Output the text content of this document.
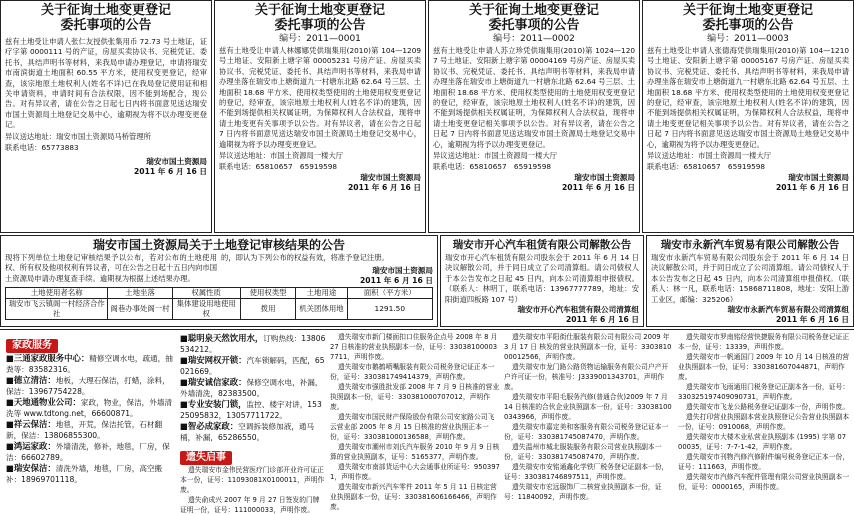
关于征询土地变更登记
委托事项的公告
兹有土地受让申请人张仁友授供张集用币 72.73 号土地证，证疗字第 0000111 号的产证，房屋买卖协议书、完税凭证、委托书，具结声明书等材料，来我局申请办理登记，申请将瑞安市南滨街道土地面积 60.55 平方米，使用权变更登记，经审查，该宗地原土地权利人(姓名不详)已在我局登记使用证和相关申请资料，申请时间有合法权限，因不能到场配合，现公告。对有异议者，请在公告之日起七日内将书面意见送达瑞安市国土资源局土地登记交易中心，逾期视为将不以办理变更登记。
异议送达地址：瑞安市国土资源局马桥管理所
联系电话：65773883
瑞安市国土资源局
2011 年 6 月 16 日
关于征询土地变更登记
委托事项的公告
编号：2011—0001
兹有土地受让申请人林娜娜凭供瑞集用(2010)第 104—1209 号土地证、安阳新上塘字第 00005231 号房产证、房屋买卖协议书、完税凭证、委托书、具结声明书等材料，来我局申请办理坐落在瑞安市上塘街道九一村塘东北路 62.64 号三层、土地面积 18.68 平方米、使用权类型使用的土地使用权变更登记的登记，经审查，该宗地原土地权利人(姓名不详)的建筑，因不能到场提供相关权属证明，为保障权利人合法权益，现将申请土地变更有关事项予以公告。对有异议者，请在公告之日起 7 日内将书面意见送达瑞安市国土资源局土地登记交易中心，逾期视为将予以办理变更登记。
异议送达地址：市国土资源局一楼大厅
联系电话：65810657　65919598
瑞安市国土资源局
2011 年 6 月 16 日
关于征询土地变更登记
委托事项的公告
编号：2011—0002
兹有土地受让申请人苏立珍凭供瑞集用(2010)第 1024—1207 号土地证、安阳新上塘字第 00004169 号房产证、房屋买卖协议书、完税凭证、委托书、具结声明书等材料，来我局申请办理坐落在瑞安市上塘街道九一村塘东北路 62.64 号三层、土地面积 18.68 平方米、使用权类型使用的土地使用权变更登记的登记，经审查，该宗地原土地权利人(姓名不详)的建筑，因不能到场提供相关权属证明，为保障权利人合法权益，现将申请土地变更登记相关事项予以公告。对有异议者，请在公告之日起 7 日内将书面意见送达瑞安市国土资源局土地登记交易中心，逾期视为将予以办理变更登记。
异议送达地址：市国土资源局一楼大厅
联系电话：65810657　65919598
瑞安市国土资源局
2011 年 6 月 16 日
关于征询土地变更登记
委托事项的公告
编号：2011—0003
兹有土地受让申请人张德海凭供瑞集用(2010)第 104—1210 号土地证、安阳新上塘字第 00005167 号房产证、房屋买卖协议书、完税凭证、委托书、具结声明书等材料，来我局申请办理坐落在瑞安市上塘街道九一村塘东北路 62.64 号五层、土地面积 18.68 平方米、使用权类型使用的土地使用权变更登记的登记，经审查，该宗地原土地权利人(姓名不详)的建筑，因不能到场提供相关权属证明，为保障权利人合法权益，现将申请土地变更登记相关事项予以公告。对有异议者，请在公告之日起 7 日内将书面意见送达瑞安市国土资源局土地登记交易中心，逾期视为将予以办理变更登记。
异议送达地址：市国土资源局一楼大厅
联系电话：65810657　65919598
瑞安市国土资源局
2011 年 6 月 16 日
瑞安市国土资源局关于土地登记审核结果的公告
现将下列单位土地登记审核结果予以公布，若对公布的土地使用权、所有权及他项权利有异议者，可在公告之日起十五日内向市国土资源局申请办理复查手续。逾期视为根据上述结果办理。
的，即认为下列公布的权益有效，将准予登记注册。
瑞安市国土资源局
2011 年 6 月 16 日
土地使用者名称	土地坐落	权属性质	使用权类型	土地用途	面积（平方米）
瑞安市飞云镇阁一村经济合作社	阁巷办事处阁一村	集体建设用地使用权	拨用	机关团体用地	1291.50
瑞安市开心汽车租赁有限公司解散公告
瑞安市开心汽车租赁有限公司股东会于 2011 年 6 月 14 日决议解散公司，并于同日成立了公司清算组。请公司债权人于本公告发布之日起 45 日内，向本公司清算组申报债权。（联系人：林明丁，联系电话：13967777789，地址：安阳街道四板路 107 号）
瑞安市开心汽车租赁有限公司清算组
2011 年 6 月 16 日
瑞安市永新汽车贸易有限公司解散公告
瑞安市永新汽车贸易有限公司股东会于 2011 年 6 月 14 日决议解散公司，并于同日成立了公司清算组。请公司债权人于本公告发布之日起 45 日内，向本公司清算组申报债权。（联系人：林一凡，联系电话：15868711808，地址：安阳上游工业区，邮编：325206）
瑞安市永新汽车贸易有限公司清算组
2011 年 6 月 16 日
家政服务
■三通家政服务中心：精修空调水电，疏通，抽粪等：83582316。
■德立清洁：地板，大理石保洁，打蜡，涂料，保洁：13967754228。
■天地通物业公司：家政，物业，保洁，外墙清洗等 www.tdtong.net，66600871。
■祥云保洁：地毯，开荒，保洁托管，石材翻新，保洁：13806855300。
■鸿运家政：外墙清洗，修补，地毯，厂房，保洁：66602789。
■瑞安保洁：清洗外墙，地毯，厂房，高空搬补：18969701118。
■聪明泉天然饮用水，订购热线：13806534212。
■瑞安网权开锁：汽车锁解码，匹配，65021669。
■瑞安诚信家政：保修空调水电，补漏，外墙清洗，82383500。
■专业安装门锁，监控、楼宇对讲，15325095832，13057711722。
■智必成家政：空调拆装修加液，通马桶，补漏，65286550。
遗失启事
遗失瑞安市金伟民营医疗门诊部开业许可证正本一份，证号：11093081X0100011，声明作废。
遗失俞成兴 2007 年 9 月 27 日签发的门牌证明一份，证号：111000033，声明作废。
遗失瑞安市新门楼面扣口住服务企点号 2008 年 8 月 27 日核准的营业执照副本一份，证号：330381000037711，声明作废。
遗失瑞安市鹅鹤喷嘴服装有限公司税务登记证正本一份，证号：330381749414379，声明作废。
遗失瑞安市强胜批发部 2008 年 7 月 9 日核准的营业执照副本一份，证号：330381000707012，声明作废。
遗失瑞安市国民财产保险股份有限公司安家路公司飞云营业部 2005 年 8 月 15 日核准的营业执照正本一份，证号：330381000136588，声明作废。
遗失瑞安市潮州市刘氏汽车服务 2010 年 9 月 9 日核算的营业执照副本，证号：5165377，声明作废。
遗失瑞安市南部货运中心大会通事业所证号：9503971，声明作废。
遗失瑞安市新兴汽车零件 2011 年 5 月 11 日核定营业执照副本一份，证号：330381606166466，声明作废。
遗失瑞安市平阳街仕服装有限公司有限公司 2009 年 3 月 17 日 核发的营业执照副本一份，证号：330381000012566，声明作废。
遗失瑞安市龙门路公路货物运输服务有限公司户产开户许可证一份，核准号：J3339001343701，声明作废。
遗失瑞安市平阳毛服务汽修(普通合伙)2009 年 7 月 14 日核准的合伙企业执照副本一份，证号：330381000343966，声明作废。
遗失瑞安市嘉定美和客服务有限公司税务登记证本一份，证号：330381745087470，声明作废。
遗失温州市城北服装服务有限公司营业执照副本一份，证号：330381745087470，声明作废。
遗失瑞安市安铭通鑫化学铁厂税务登记证副本一份，证号：330381746897511，声明作废。
遗失瑞安市宏远服饰厂二核营业执照副本一份，证号：11840092，声明作废。
遗失瑞安市罗南铭经营快捷服务有限公司税务登记证正本一份，证号：13339，声明作废。
遗失瑞安市一帆通国门 2009 年 10 月 14 日核准的营业执照副本一份，证号：330381607044871，声明作废。
遗失瑞安市飞雨通用门税务登记正副本各一份，证号：330325197409090731，声明作废。
遗失瑞安市飞龙公路税务登记证副本一份，声明作废。
遗失打印营业执照副本营业执照登记公告营业执照副本一份，证号：0910068，声明作废。
遗失瑞安市大楼木业私营业执照副本 (1995) 字第 0700035，证号：7-7-1-42，声明作废。
遗失瑞安市刊物汽修汽修附件编号税务登记正本一份，证号：111663，声明作废。
遗失瑞安市汽修汽车配件管理有限公司营业执照副本一份，证号：0000165，声明作废。
